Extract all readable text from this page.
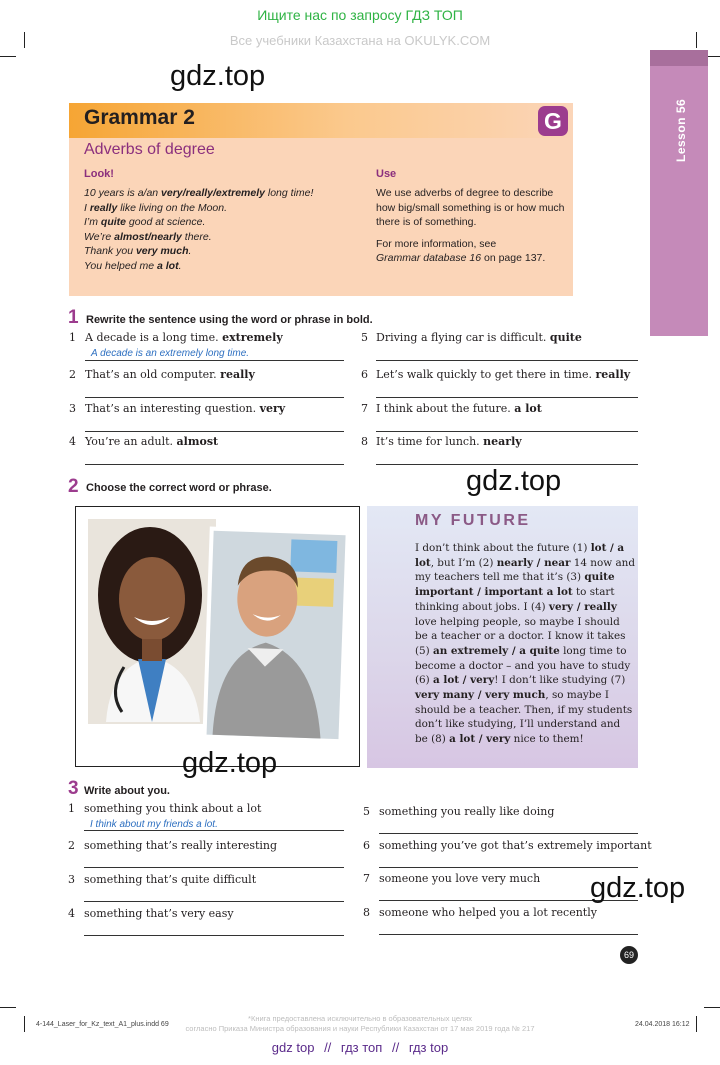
Ищите нас по запросу ГДЗ ТОП
Все учебники Казахстана на OKULYK.COM
Lesson 56
gdz.top
Grammar 2	G
Adverbs of degree
Look!	Use
10 years is a/an very/really/extremely long time!
I really like living on the Moon.
I’m quite good at science.
We’re almost/nearly there.
Thank you very much.
You helped me a lot.
We use adverbs of degree to describe how big/small something is or how much there is of something.
For more information, see
Grammar database 16 on page 137.
1 Rewrite the sentence using the word or phrase in bold.
1 A decade is a long time. extremely
A decade is an extremely long time.
2 That’s an old computer. really
3 That’s an interesting question. very
4 You’re an adult. almost
5 Driving a flying car is difficult. quite
6 Let’s walk quickly to get there in time. really
7 I think about the future. a lot
8 It’s time for lunch. nearly
2 Choose the correct word or phrase.	gdz.top
gdz.top
MY FUTURE
I don’t think about the future (1) lot / a lot, but I’m (2) nearly / near 14 now and my teachers tell me that it’s (3) quite important / important a lot to start thinking about jobs. I (4) very / really love helping people, so maybe I should be a teacher or a doctor. I know it takes (5) an extremely / a quite long time to become a doctor – and you have to study (6) a lot / very! I don’t like studying (7) very many / very much, so maybe I should be a teacher. Then, if my students don’t like studying, I’ll understand and be (8) a lot / very nice to them!
3 Write about you.
1 something you think about a lot
I think about my friends a lot.
2 something that’s really interesting
3 something that’s quite difficult
4 something that’s very easy
5 something you really like doing
6 something you’ve got that’s extremely important
7 someone you love very much
8 someone who helped you a lot recently
gdz.top
69
4-144_Laser_for_Kz_text_A1_plus.indd 69	24.04.2018 16:12
*Книга предоставлена исключительно в образовательных целях
согласно Приказа Министра образования и науки Республики Казахстан от 17 мая 2019 года № 217
gdz top // гдз топ // гдз top
